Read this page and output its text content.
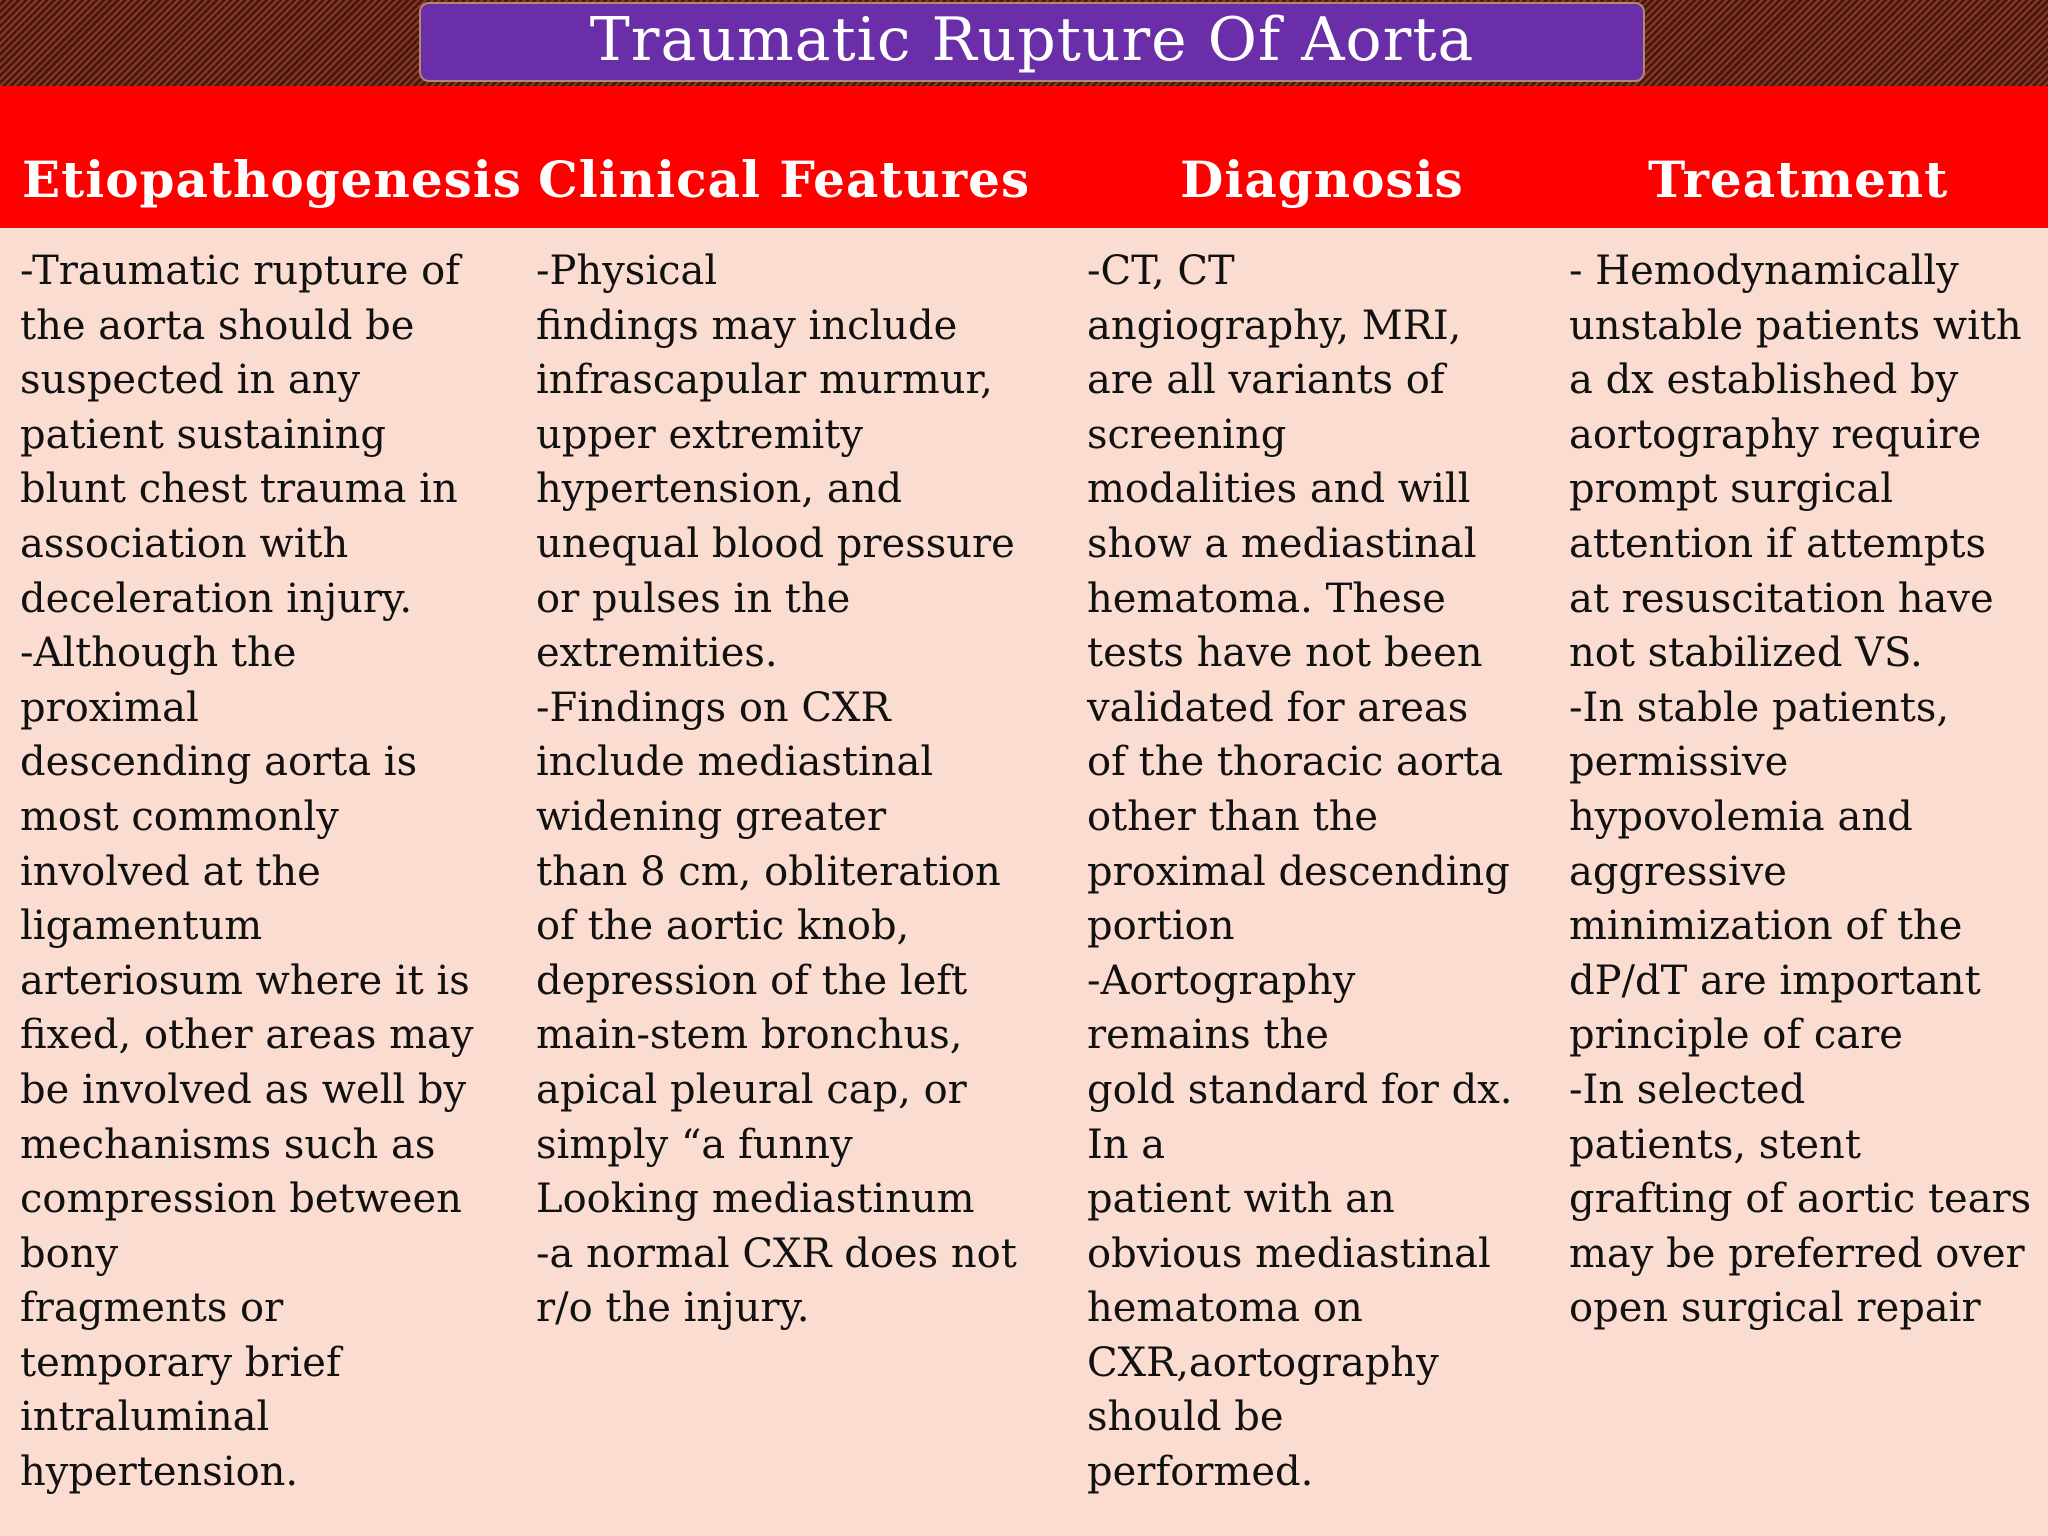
Traumatic Rupture Of Aorta
Etiopathogenesis Clinical Features	Diagnosis	Treatment
-Traumatic rupture of
the aorta should be
suspected in any
patient sustaining
blunt chest trauma in
association with
deceleration injury.
-Although the
proximal
descending aorta is
most commonly
involved at the
ligamentum
arteriosum where it is
fixed, other areas may
be involved as well by
mechanisms such as
compression between
bony
fragments or
temporary brief
intraluminal
hypertension.
-Physical
findings may include
infrascapular murmur,
upper extremity
hypertension, and
unequal blood pressure
or pulses in the
extremities.
-Findings on CXR
include mediastinal
widening greater
than 8 cm, obliteration
of the aortic knob,
depression of the left
main-stem bronchus,
apical pleural cap, or
simply “a funny
Looking mediastinum
-a normal CXR does not
r/o the injury.
-CT, CT
angiography, MRI,
are all variants of
screening
modalities and will
show a mediastinal
hematoma. These
tests have not been
validated for areas
of the thoracic aorta
other than the
proximal descending
portion
-Aortography
remains the
gold standard for dx.
In a
patient with an
obvious mediastinal
hematoma on
CXR,aortography
should be
performed.
- Hemodynamically
unstable patients with
a dx established by
aortography require
prompt surgical
attention if attempts
at resuscitation have
not stabilized VS.
-In stable patients,
permissive
hypovolemia and
aggressive
minimization of the
dP/dT are important
principle of care
-In selected
patients, stent
grafting of aortic tears
may be preferred over
open surgical repair
